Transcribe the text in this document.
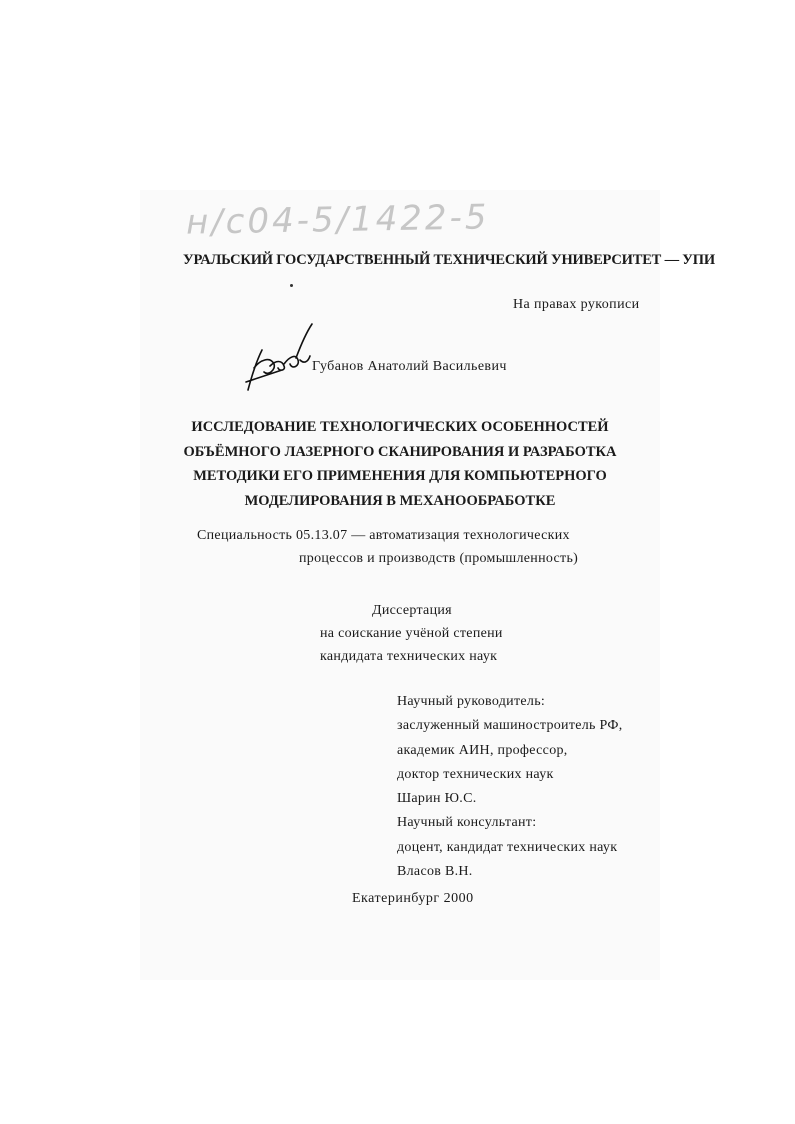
н/с04-5/1422-5
УРАЛЬСКИЙ ГОСУДАРСТВЕННЫЙ ТЕХНИЧЕСКИЙ УНИВЕРСИТЕТ — УПИ
На правах рукописи
Губанов Анатолий Васильевич
ИССЛЕДОВАНИЕ ТЕХНОЛОГИЧЕСКИХ ОСОБЕННОСТЕЙ
ОБЪЁМНОГО ЛАЗЕРНОГО СКАНИРОВАНИЯ И РАЗРАБОТКА
МЕТОДИКИ ЕГО ПРИМЕНЕНИЯ ДЛЯ КОМПЬЮТЕРНОГО
МОДЕЛИРОВАНИЯ В МЕХАНООБРАБОТКЕ
Специальность 05.13.07 — автоматизация технологических
процессов и производств (промышленность)
Диссертация
на соискание учёной степени
кандидата технических наук
Научный руководитель:
заслуженный машиностроитель РФ,
академик АИН, профессор,
доктор технических наук
Шарин Ю.С.
Научный консультант:
доцент, кандидат технических наук
Власов В.Н.
Екатеринбург 2000
